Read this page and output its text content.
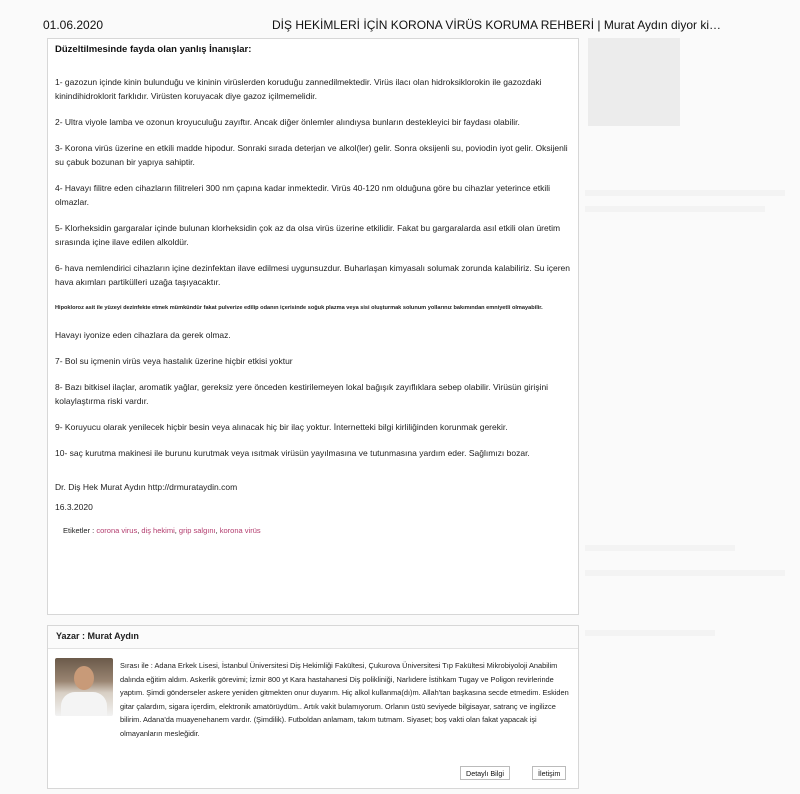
01.06.2020	DİŞ HEKİMLERİ İÇİN KORONA VİRÜS KORUMA REHBERİ | Murat Aydın diyor ki…
Düzeltilmesinde fayda olan yanlış İnanışlar:
1- gazozun içinde kinin bulunduğu ve kininin virüslerden koruduğu zannedilmektedir. Virüs ilacı olan hidroksiklorokin ile gazozdaki kinindihidroklorit farklıdır. Virüsten koruyacak diye gazoz içilmemelidir.
2- Ultra viyole lamba ve ozonun kroyuculuğu zayıftır. Ancak diğer önlemler alındıysa bunların destekleyici bir faydası olabilir.
3- Korona virüs üzerine en etkili madde hipodur. Sonraki sırada deterjan ve alkol(ler) gelir. Sonra oksijenli su, poviodin iyot gelir. Oksijenli su çabuk bozunan bir yapıya sahiptir.
4- Havayı filitre eden cihazların filitreleri 300 nm çapına kadar inmektedir. Virüs 40-120 nm olduğuna göre bu cihazlar yeterince etkili olmazlar.
5- Klorheksidin gargaralar içinde bulunan klorheksidin çok az da olsa virüs üzerine etkilidir. Fakat bu gargaralarda asıl etkili olan üretim sırasında içine ilave edilen alkoldür.
6- hava nemlendirici cihazların içine dezinfektan ilave edilmesi uygunsuzdur. Buharlaşan kimyasalı solumak zorunda kalabiliriz. Su içeren hava akımları partikülleri uzağa taşıyacaktır.
Hipokloroz asit ile yüzeyi dezinfekte etmek mümkündür fakat pulverize edilip odanın içerisinde soğuk plazma veya sisi oluşturmak solunum yollarınız bakımından emniyetli olmayabilir.
Havayı iyonize eden cihazlara da gerek olmaz.
7- Bol su içmenin virüs veya hastalık üzerine hiçbir etkisi yoktur
8- Bazı bitkisel ilaçlar, aromatik yağlar, gereksiz yere önceden kestirilemeyen lokal bağışık zayıflıklara sebep olabilir. Virüsün girişini kolaylaştırma riski vardır.
9- Koruyucu olarak yenilecek hiçbir besin veya alınacak hiç bir ilaç yoktur. İnternetteki bilgi kirliliğinden korunmak gerekir.
10- saç kurutma makinesi ile burunu kurutmak veya ısıtmak virüsün yayılmasına ve tutunmasına yardım eder. Sağlımızı bozar.
Dr. Diş Hek Murat Aydın http://drmurataydin.com
16.3.2020
Etiketler : corona virus, diş hekimi, grip salgını, korona virüs
Yazar : Murat Aydın
Sırası ile : Adana Erkek Lisesi, İstanbul Üniversitesi Diş Hekimliği Fakültesi, Çukurova Üniversitesi Tıp Fakültesi Mikrobiyoloji Anabilim dalında eğitim aldım. Askerlik görevimi; İzmir 800 yt Kara hastahanesi Diş polikliniği, Narlıdere İstihkam Tugay ve Poligon revirlerinde yaptım. Şimdi gönderseler askere yeniden gitmekten onur duyarım. Hiç alkol kullanma(dı)m. Allah'tan başkasına secde etmedim. Eskiden gitar çalardım, sigara içerdim, elektronik amatörüydüm.. Artık vakit bulamıyorum. Orlanın üstü seviyede bilgisayar, satranç ve ingilizce bilirim. Adana'da muayenehanem vardır. (Şimdilik). Futboldan anlamam, takım tutmam. Siyaset; boş vakti olan fakat yapacak işi olmayanların mesleğidir.
Detaylı Bilgi	İletişim
